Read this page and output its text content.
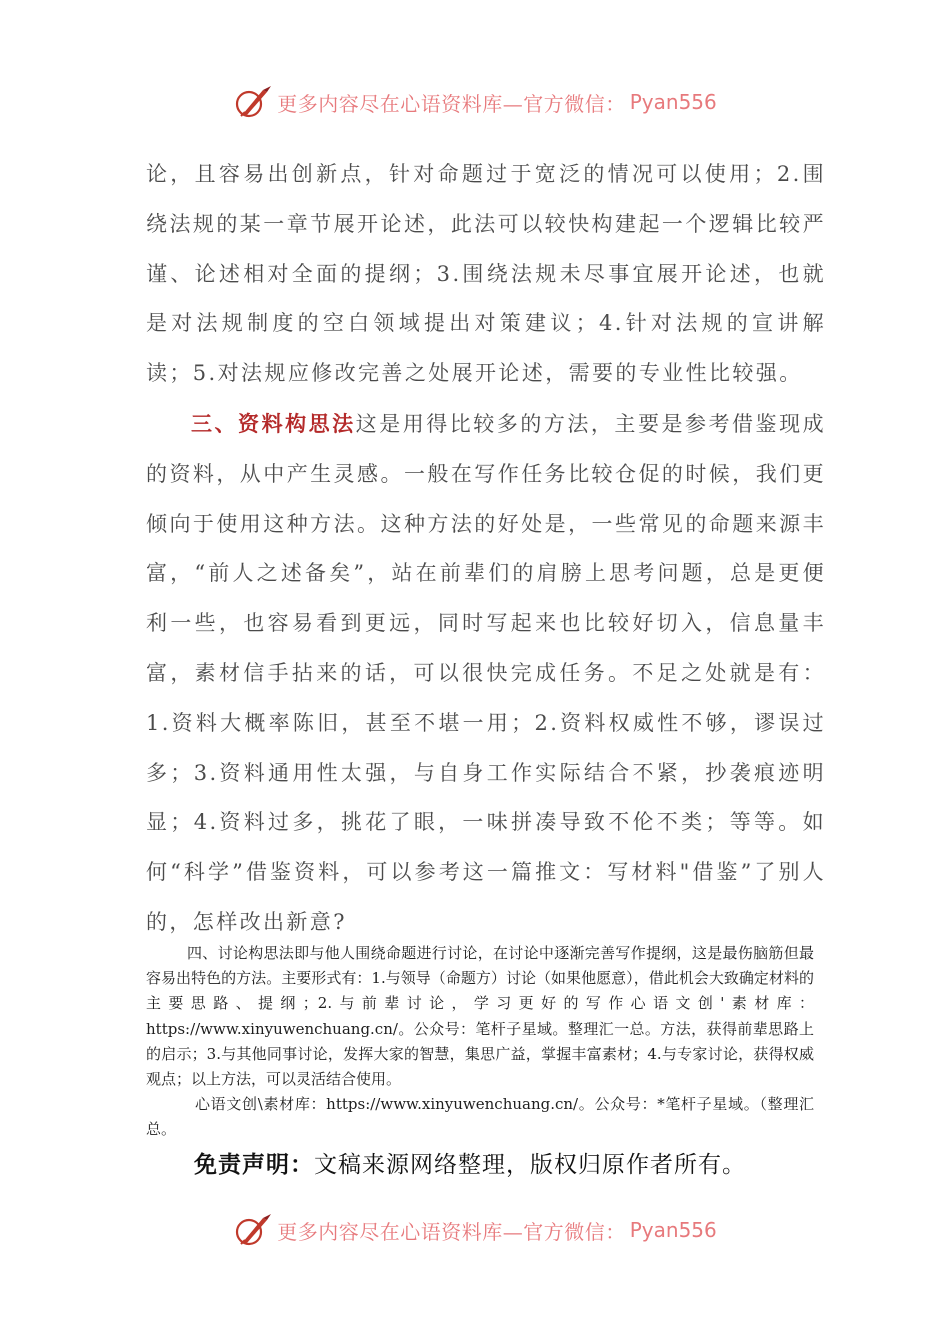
更多内容尽在心语资料库—官方微信： Pyan556

论，且容易出创新点，针对命题过于宽泛的情况可以使用；2.围绕法规的某一章节展开论述，此法可以较快构建起一个逻辑比较严谨、论述相对全面的提纲；3.围绕法规未尽事宜展开论述，也就是对法规制度的空白领域提出对策建议；4.针对法规的宣讲解读；5.对法规应修改完善之处展开论述，需要的专业性比较强。

三、资料构思法这是用得比较多的方法，主要是参考借鉴现成的资料，从中产生灵感。一般在写作任务比较仓促的时候，我们更倾向于使用这种方法。这种方法的好处是，一些常见的命题来源丰富，“前人之述备矣”，站在前辈们的肩膀上思考问题，总是更便利一些，也容易看到更远，同时写起来也比较好切入，信息量丰富，素材信手拈来的话，可以很快完成任务。不足之处就是有：1.资料大概率陈旧，甚至不堪一用；2.资料权威性不够，谬误过多；3.资料通用性太强，与自身工作实际结合不紧，抄袭痕迹明显；4.资料过多，挑花了眼，一味拼凑导致不伦不类；等等。如何“科学”借鉴资料，可以参考这一篇推文：写材料"借鉴”了别人的，怎样改出新意?

四、讨论构思法即与他人围绕命题进行讨论，在讨论中逐渐完善写作提纲，这是最伤脑筋但最容易出特色的方法。主要形式有：1.与领导（命题方）讨论（如果他愿意），借此机会大致确定材料的主要思路、提纲；2.与前辈讨论，学习更好的写作心语文创'素材库：https://www.xinyuwenchuang.cn/。公众号：笔杆子星域。整理汇一总。方法，获得前辈思路上的启示；3.与其他同事讨论，发挥大家的智慧，集思广益，掌握丰富素材；4.与专家讨论，获得权威观点；以上方法，可以灵活结合使用。

心语文创\素材库：https://www.xinyuwenchuang.cn/。公众号：*笔杆子星域。（整理汇总。

免责声明：文稿来源网络整理，版权归原作者所有。
更多内容尽在心语资料库—官方微信： Pyan556
